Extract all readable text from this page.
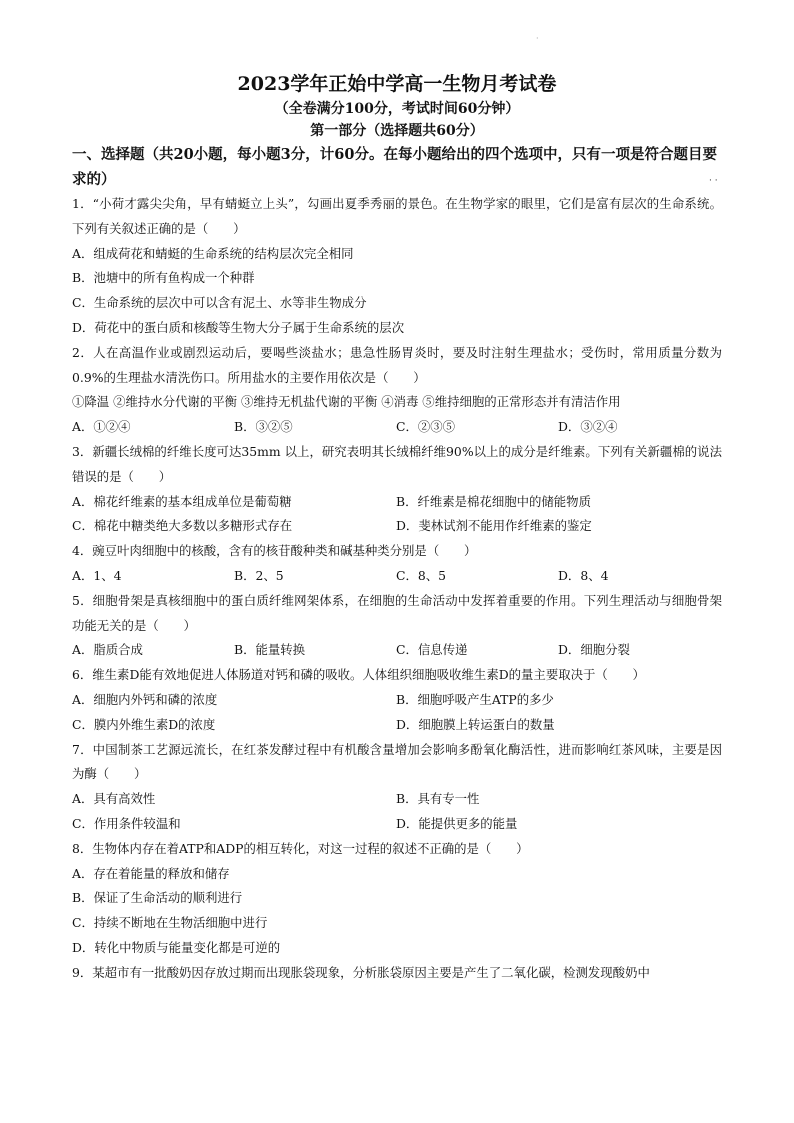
·
· ·

2023学年正始中学高一生物月考试卷

（全卷满分100分，考试时间60分钟）

第一部分（选择题共60分）

一、选择题（共20小题，每小题3分，计60分。在每小题给出的四个选项中，只有一项是符合题目要求的）

1．“小荷才露尖尖角，早有蜻蜓立上头”，勾画出夏季秀丽的景色。在生物学家的眼里，它们是富有层次的生命系统。下列有关叙述正确的是（　　）

A．组成荷花和蜻蜓的生命系统的结构层次完全相同
B．池塘中的所有鱼构成一个种群
C．生命系统的层次中可以含有泥土、水等非生物成分
D．荷花中的蛋白质和核酸等生物大分子属于生命系统的层次

2．人在高温作业或剧烈运动后，要喝些淡盐水；患急性肠胃炎时，要及时注射生理盐水；受伤时，常用质量分数为0.9%的生理盐水清洗伤口。所用盐水的主要作用依次是（　　）

①降温 ②维持水分代谢的平衡 ③维持无机盐代谢的平衡 ④消毒 ⑤维持细胞的正常形态并有清洁作用

A．①②④	B．③②⑤	C．②③⑤	D．③②④

3．新疆长绒棉的纤维长度可达35mm 以上，研究表明其长绒棉纤维90%以上的成分是纤维素。下列有关新疆棉的说法错误的是（　　）

A．棉花纤维素的基本组成单位是葡萄糖	B．纤维素是棉花细胞中的储能物质
C．棉花中糖类绝大多数以多糖形式存在	D．斐林试剂不能用作纤维素的鉴定

4．豌豆叶肉细胞中的核酸，含有的核苷酸种类和碱基种类分别是（　　）

A．1、4	B．2、5	C．8、5	D．8、4

5．细胞骨架是真核细胞中的蛋白质纤维网架体系，在细胞的生命活动中发挥着重要的作用。下列生理活动与细胞骨架功能无关的是（　　）

A．脂质合成	B．能量转换	C．信息传递	D．细胞分裂

6．维生素D能有效地促进人体肠道对钙和磷的吸收。人体组织细胞吸收维生素D的量主要取决于（　　）

A．细胞内外钙和磷的浓度	B．细胞呼吸产生ATP的多少
C．膜内外维生素D的浓度	D．细胞膜上转运蛋白的数量

7．中国制茶工艺源远流长，在红茶发酵过程中有机酸含量增加会影响多酚氧化酶活性，进而影响红茶风味，主要是因为酶（　　）

A．具有高效性	B．具有专一性
C．作用条件较温和	D．能提供更多的能量

8．生物体内存在着ATP和ADP的相互转化，对这一过程的叙述不正确的是（　　）

A．存在着能量的释放和储存
B．保证了生命活动的顺利进行
C．持续不断地在生物活细胞中进行
D．转化中物质与能量变化都是可逆的

9．某超市有一批酸奶因存放过期而出现胀袋现象，分析胀袋原因主要是产生了二氧化碳，检测发现酸奶中
